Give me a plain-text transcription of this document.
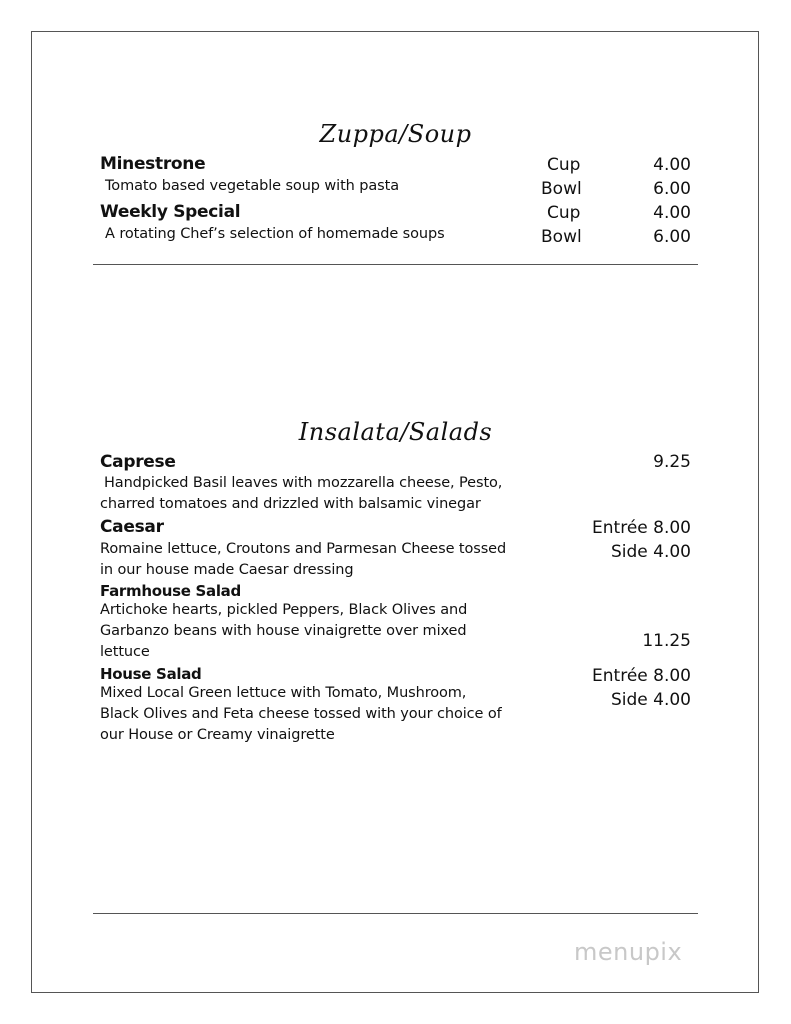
Zuppa/Soup
Minestrone
Tomato based vegetable soup with pasta
Cup	4.00
Bowl	6.00
Weekly Special
A rotating Chef’s selection of homemade soups
Cup	4.00
Bowl	6.00
Insalata/Salads
Caprese	9.25
Handpicked Basil leaves with mozzarella cheese, Pesto,
charred tomatoes and drizzled with balsamic vinegar
Caesar	Entrée 8.00
Side 4.00
Romaine lettuce, Croutons and Parmesan Cheese tossed
in our house made Caesar dressing
Farmhouse Salad
Artichoke hearts, pickled Peppers, Black Olives and
Garbanzo beans with house vinaigrette over mixed
lettuce
11.25
House Salad	Entrée 8.00
Side 4.00
Mixed Local Green lettuce with Tomato, Mushroom,
Black Olives and Feta cheese tossed with your choice of
our House or Creamy vinaigrette
menupix
